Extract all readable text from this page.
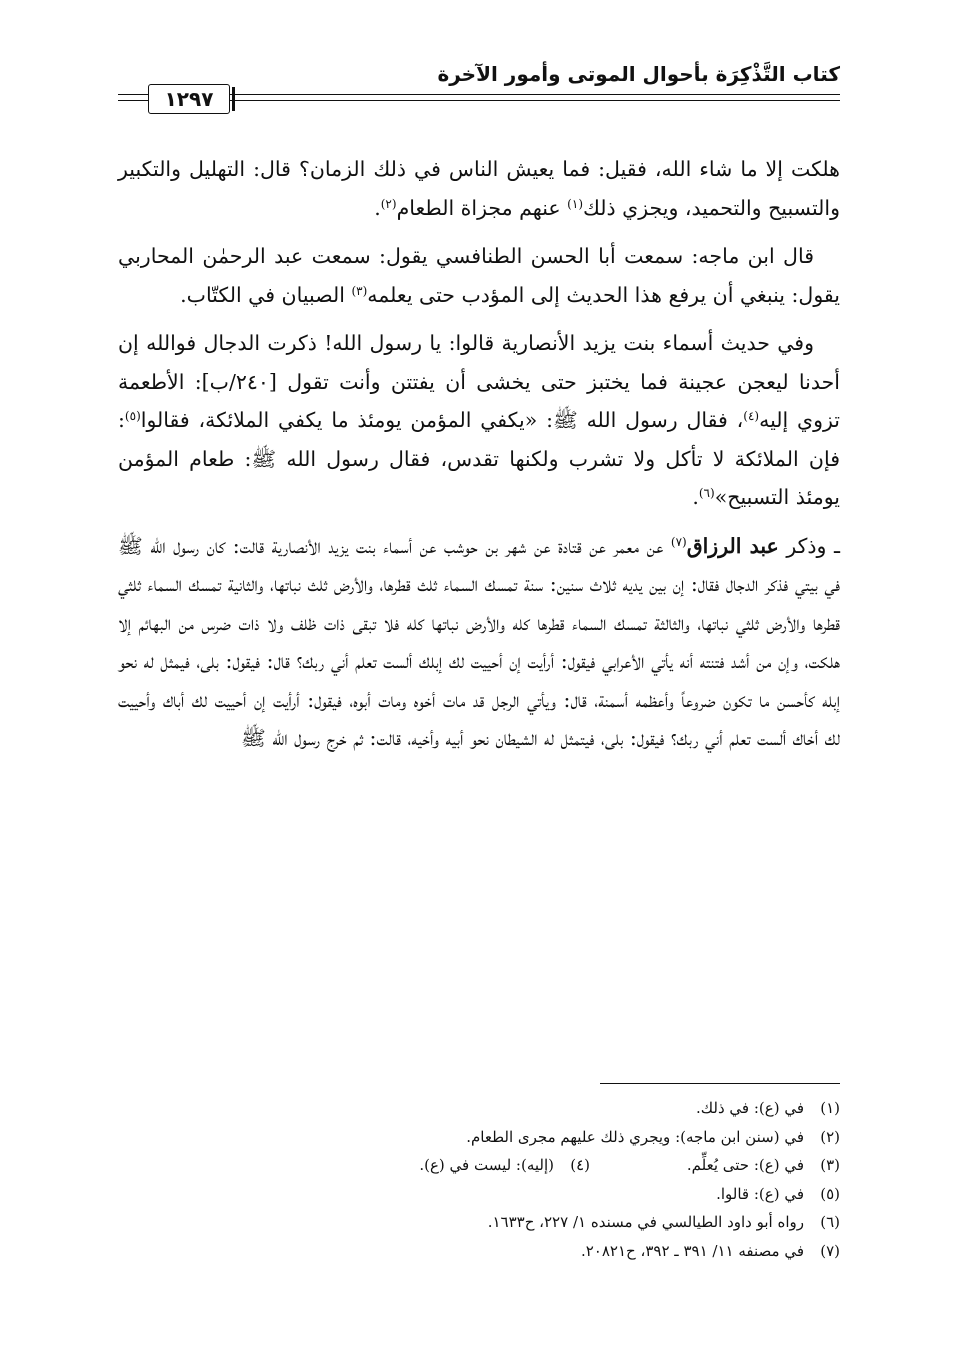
كتاب التَّذْكِرَة بأحوال الموتى وأمور الآخرة
١٢٩٧

هلكت إلا ما شاء الله، فقيل: فما يعيش الناس في ذلك الزمان؟ قال: التهليل والتكبير والتسبيح والتحميد، ويجزي ذلك$^{(١)}$ عنهم مجزاة الطعام$^{(٢)}$.

قال ابن ماجه: سمعت أبا الحسن الطنافسي يقول: سمعت عبد الرحمٰن المحاربي يقول: ينبغي أن يرفع هذا الحديث إلى المؤدب حتى يعلمه$^{(٣)}$ الصبيان في الكتّاب.

وفي حديث أسماء بنت يزيد الأنصارية قالوا: يا رسول الله! ذكرت الدجال فوالله إن أحدنا ليعجن عجينة فما يختبز حتى يخشى أن يفتتن وأنت تقول [٢٤٠/ب]: الأطعمة تزوي إليه$^{(٤)}$، فقال رسول الله ﷺ: «يكفي المؤمن يومئذ ما يكفي الملائكة، فقالوا$^{(٥)}$: فإن الملائكة لا تأكل ولا تشرب ولكنها تقدس، فقال رسول الله ﷺ: طعام المؤمن يومئذ التسبيح»$^{(٦)}$.

ـ وذكر عبد الرزاق$^{(٧)}$ عن معمر عن قتادة عن شهر بن حوشب عن أسماء بنت يزيد الأنصارية قالت: كان رسول الله ﷺ في بيتي فذكر الدجال فقال: إن بين يديه ثلاث سنين: سنة تمسك السماء ثلث قطرها، والأرض ثلث نباتها، والثانية تمسك السماء ثلثي قطرها والأرض ثلثي نباتها، والثالثة تمسك السماء قطرها كله والأرض نباتها كله فلا تبقى ذات ظلف ولا ذات ضرس من البهائم إلا هلكت، وإن من أشد فتنته أنه يأتي الأعرابي فيقول: أرأيت إن أحييت لك إبلك ألست تعلم أني ربك؟ قال: فيقول: بلى، فيمثل له نحو إبله كأحسن ما تكون ضروعاً وأعظمه أسمنة، قال: ويأتي الرجل قد مات أخوه ومات أبوه، فيقول: أرأيت إن أحييت لك أباك وأحييت لك أخاك ألست تعلم أني ربك؟ فيقول: بلى، فيتمثل له الشيطان نحو أبيه وأخيه، قالت: ثم خرج رسول الله ﷺ

(١)
في (ع): في ذلك.
(٢)
في (سنن ابن ماجه): ويجري ذلك عليهم مجرى الطعام.
(٣)
في (ع): حتى يُعلِّم.
(٤)
(إليه): ليست في (ع).
(٥)
في (ع): قالوا.
(٦)
رواه أبو داود الطيالسي في مسنده ١/ ٢٢٧، ح١٦٣٣.
(٧)
في مصنفه ١١/ ٣٩١ ـ ٣٩٢، ح٢٠٨٢١.
